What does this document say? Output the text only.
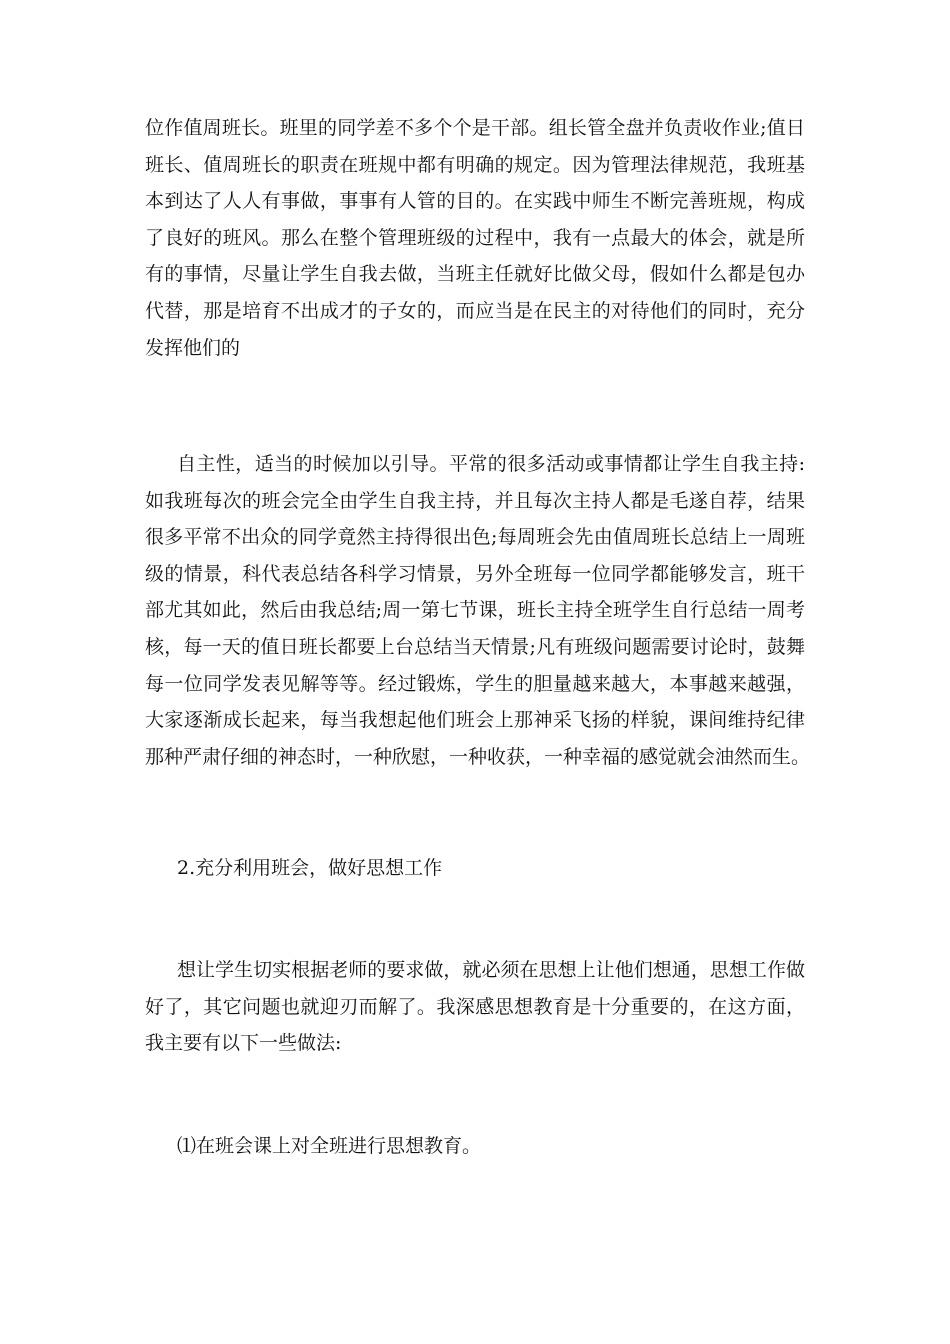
位作值周班长。班里的同学差不多个个是干部。组长管全盘并负责收作业;值日
班长、值周班长的职责在班规中都有明确的规定。因为管理法律规范，我班基
本到达了人人有事做，事事有人管的目的。在实践中师生不断完善班规，构成
了良好的班风。那么在整个管理班级的过程中，我有一点最大的体会，就是所
有的事情，尽量让学生自我去做，当班主任就好比做父母，假如什么都是包办
代替，那是培育不出成才的子女的，而应当是在民主的对待他们的同时，充分
发挥他们的
自主性，适当的时候加以引导。平常的很多活动或事情都让学生自我主持:
如我班每次的班会完全由学生自我主持，并且每次主持人都是毛遂自荐，结果
很多平常不出众的同学竟然主持得很出色;每周班会先由值周班长总结上一周班
级的情景，科代表总结各科学习情景，另外全班每一位同学都能够发言，班干
部尤其如此，然后由我总结;周一第七节课，班长主持全班学生自行总结一周考
核，每一天的值日班长都要上台总结当天情景;凡有班级问题需要讨论时，鼓舞
每一位同学发表见解等等。经过锻炼，学生的胆量越来越大，本事越来越强，
大家逐渐成长起来，每当我想起他们班会上那神采飞扬的样貌，课间维持纪律
那种严肃仔细的神态时，一种欣慰，一种收获，一种幸福的感觉就会油然而生。

2.充分利用班会，做好思想工作

想让学生切实根据老师的要求做，就必须在思想上让他们想通，思想工作做
好了，其它问题也就迎刃而解了。我深感思想教育是十分重要的，在这方面，
我主要有以下一些做法:

⑴在班会课上对全班进行思想教育。
